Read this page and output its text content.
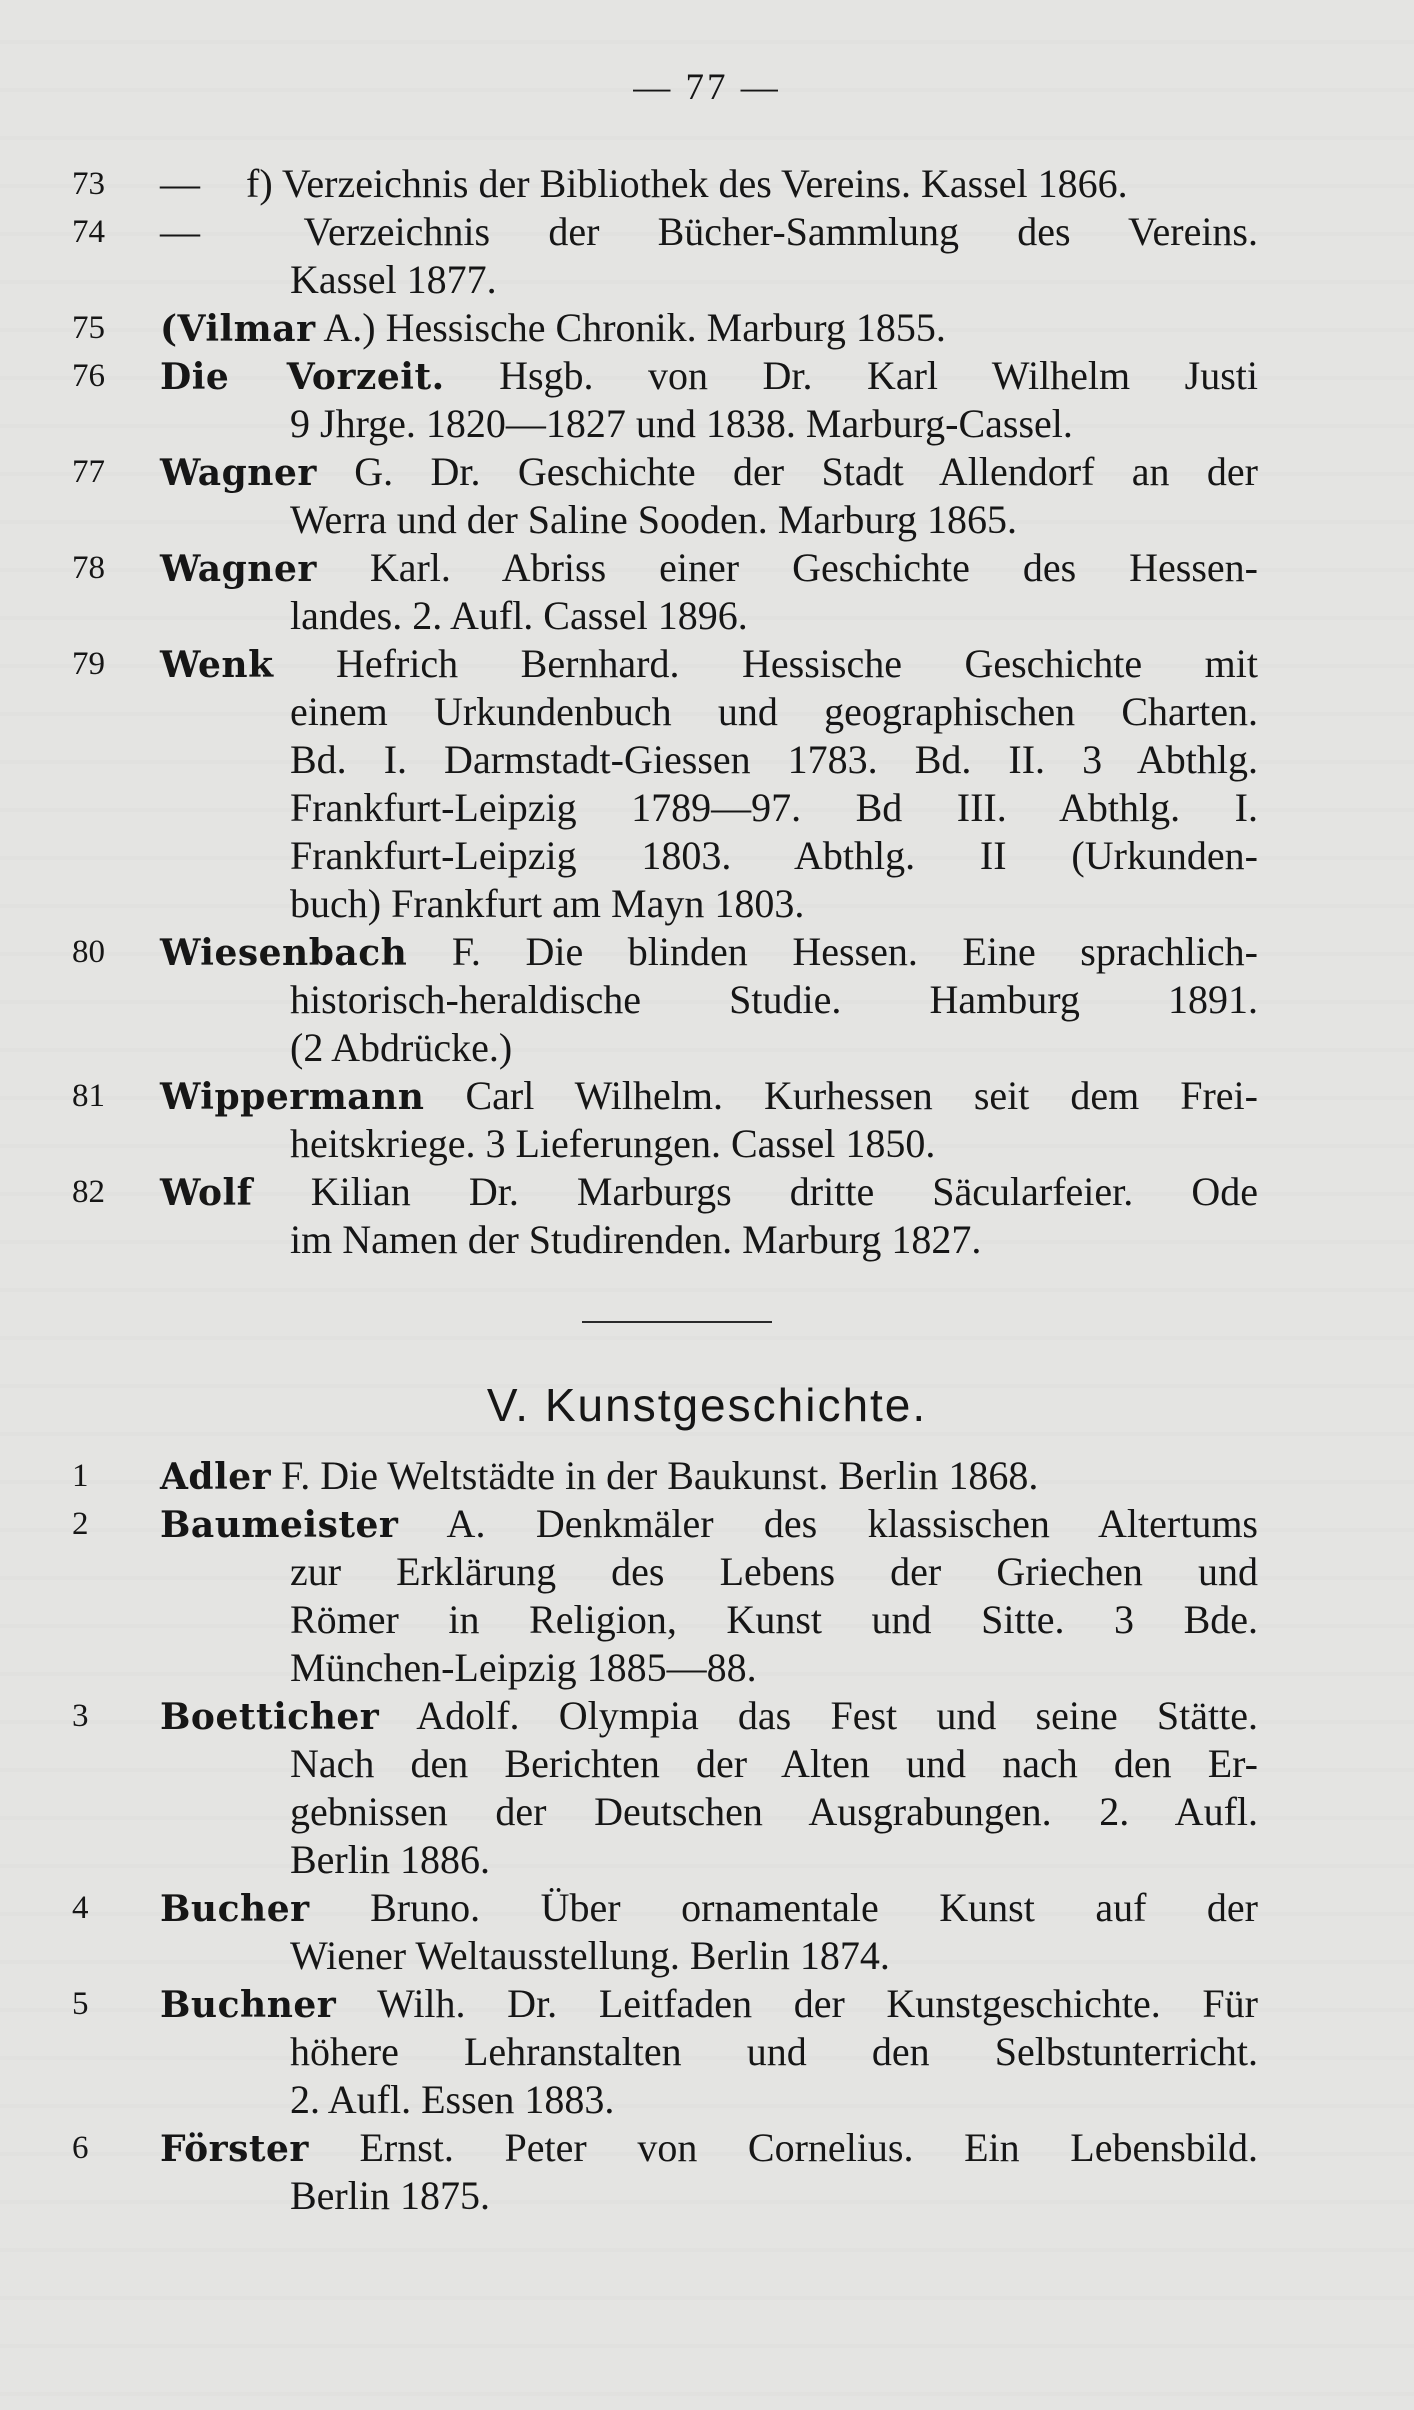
— 77 —
73	— f) Verzeichnis der Bibliothek des Vereins. Kassel 1866.
74	— Verzeichnis der Bücher-Sammlung des Vereins.
Kassel 1877.
75	(Vilmar A.) Hessische Chronik. Marburg 1855.
76	Die Vorzeit. Hsgb. von Dr. Karl Wilhelm Justi
9 Jhrge. 1820—1827 und 1838. Marburg-Cassel.
77	Wagner G. Dr. Geschichte der Stadt Allendorf an der
Werra und der Saline Sooden. Marburg 1865.
78	Wagner Karl. Abriss einer Geschichte des Hessen-
landes. 2. Aufl. Cassel 1896.
79	Wenk Hefrich Bernhard. Hessische Geschichte mit
einem Urkundenbuch und geographischen Charten.
Bd. I. Darmstadt-Giessen 1783. Bd. II. 3 Abthlg.
Frankfurt-Leipzig 1789—97. Bd III. Abthlg. I.
Frankfurt-Leipzig 1803. Abthlg. II (Urkunden-
buch) Frankfurt am Mayn 1803.
80	Wiesenbach F. Die blinden Hessen. Eine sprachlich-
historisch-heraldische Studie. Hamburg 1891.
(2 Abdrücke.)
81	Wippermann Carl Wilhelm. Kurhessen seit dem Frei-
heitskriege. 3 Lieferungen. Cassel 1850.
82	Wolf Kilian Dr. Marburgs dritte Säcularfeier. Ode
im Namen der Studirenden. Marburg 1827.
V. Kunstgeschichte.
1	Adler F. Die Weltstädte in der Baukunst. Berlin 1868.
2	Baumeister A. Denkmäler des klassischen Altertums
zur Erklärung des Lebens der Griechen und
Römer in Religion, Kunst und Sitte. 3 Bde.
München-Leipzig 1885—88.
3	Boetticher Adolf. Olympia das Fest und seine Stätte.
Nach den Berichten der Alten und nach den Er-
gebnissen der Deutschen Ausgrabungen. 2. Aufl.
Berlin 1886.
4	Bucher Bruno. Über ornamentale Kunst auf der
Wiener Weltausstellung. Berlin 1874.
5	Buchner Wilh. Dr. Leitfaden der Kunstgeschichte. Für
höhere Lehranstalten und den Selbstunterricht.
2. Aufl. Essen 1883.
6	Förster Ernst. Peter von Cornelius. Ein Lebensbild.
Berlin 1875.
